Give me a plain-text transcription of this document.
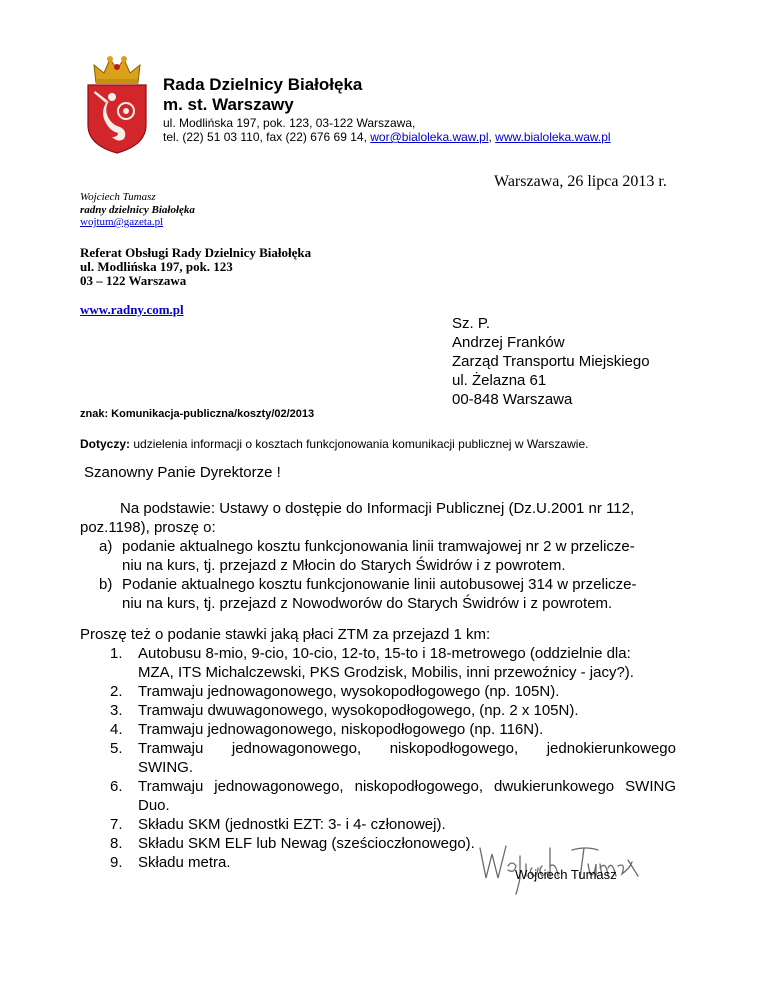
Rada Dzielnicy Białołęka
m. st. Warszawy
ul. Modlińska 197, pok. 123, 03-122 Warszawa,
tel. (22) 51 03 110, fax (22) 676 69 14, wor@bialoleka.waw.pl, www.bialoleka.waw.pl
Warszawa, 26 lipca 2013 r.
Wojciech Tumasz
radny dzielnicy Białołęka
wojtum@gazeta.pl
Referat Obsługi Rady Dzielnicy Białołęka
ul. Modlińska 197, pok. 123
03 – 122 Warszawa
www.radny.com.pl
Sz. P.
Andrzej Franków
Zarząd Transportu Miejskiego
ul. Żelazna 61
00-848 Warszawa
znak: Komunikacja-publiczna/koszty/02/2013
Dotyczy: udzielenia informacji o kosztach funkcjonowania komunikacji publicznej w Warszawie.
Szanowny Panie Dyrektorze !
Na podstawie: Ustawy o dostępie do Informacji Publicznej (Dz.U.2001 nr 112,
poz.1198), proszę o:
a) podanie aktualnego kosztu funkcjonowania linii tramwajowej nr 2 w przelicze-
niu na kurs, tj. przejazd z Młocin do Starych Świdrów i z powrotem.
b) Podanie aktualnego kosztu funkcjonowanie linii autobusowej 314 w przelicze-
niu na kurs, tj. przejazd z Nowodworów do Starych Świdrów i z powrotem.
Proszę też o podanie stawki jaką płaci ZTM za przejazd 1 km:
1. Autobusu 8-mio, 9-cio, 10-cio, 12-to, 15-to i 18-metrowego (oddzielnie dla:
MZA, ITS Michalczewski, PKS Grodzisk, Mobilis, inni przewoźnicy - jacy?).
2. Tramwaju jednowagonowego, wysokopodłogowego (np. 105N).
3. Tramwaju dwuwagonowego, wysokopodłogowego, (np. 2 x 105N).
4. Tramwaju jednowagonowego, niskopodłogowego (np. 116N).
5. Tramwaju jednowagonowego, niskopodłogowego, jednokierunkowego
SWING.
6. Tramwaju jednowagonowego, niskopodłogowego, dwukierunkowego SWING
Duo.
7. Składu SKM (jednostki EZT: 3- i 4- członowej).
8. Składu SKM ELF lub Newag (sześcioczłonowego).
9. Składu metra.
Wojciech Tumasz
